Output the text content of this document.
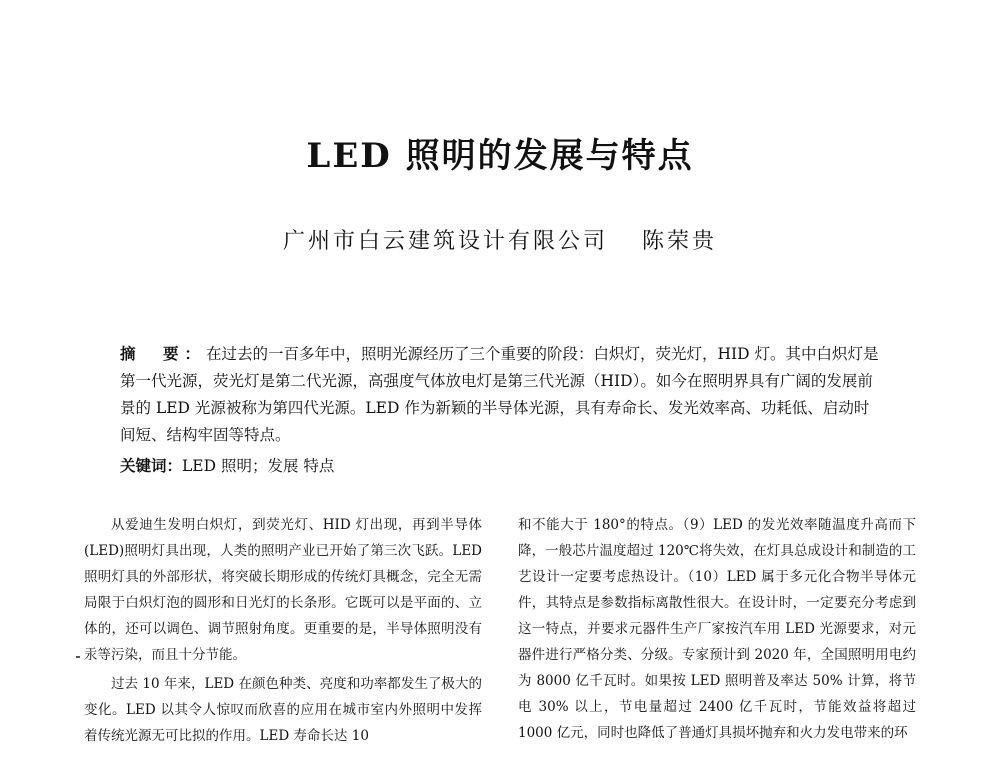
LED 照明的发展与特点
广州市白云建筑设计有限公司 陈荣贵

摘　要：在过去的一百多年中，照明光源经历了三个重要的阶段：白炽灯，荧光灯，HID 灯。其中白炽灯是第一代光源，荧光灯是第二代光源，高强度气体放电灯是第三代光源（HID）。如今在照明界具有广阔的发展前景的 LED 光源被称为第四代光源。LED 作为新颖的半导体光源，具有寿命长、发光效率高、功耗低、启动时间短、结构牢固等特点。

关键词：LED 照明；发展 特点

从爱迪生发明白炽灯，到荧光灯、HID 灯出现，再到半导体(LED)照明灯具出现，人类的照明产业已开始了第三次飞跃。LED 照明灯具的外部形状，将突破长期形成的传统灯具概念，完全无需局限于白炽灯泡的圆形和日光灯的长条形。它既可以是平面的、立体的，还可以调色、调节照射角度。更重要的是，半导体照明没有汞等污染，而且十分节能。

过去 10 年来，LED 在颜色种类、亮度和功率都发生了极大的变化。LED 以其令人惊叹而欣喜的应用在城市室内外照明中发挥着传统光源无可比拟的作用。LED 寿命长达 10

和不能大于 180°的特点。（9）LED 的发光效率随温度升高而下降，一般芯片温度超过 120℃将失效，在灯具总成设计和制造的工艺设计一定要考虑热设计。（10）LED 属于多元化合物半导体元件，其特点是参数指标离散性很大。在设计时，一定要充分考虑到这一特点，并要求元器件生产厂家按汽车用 LED 光源要求，对元器件进行严格分类、分级。专家预计到 2020 年，全国照明用电约为 8000 亿千瓦时。如果按 LED 照明普及率达 50% 计算，将节电 30% 以上，节电量超过 2400 亿千瓦时，节能效益将超过 1000 亿元，同时也降低了普通灯具损坏抛弃和火力发电带来的环
